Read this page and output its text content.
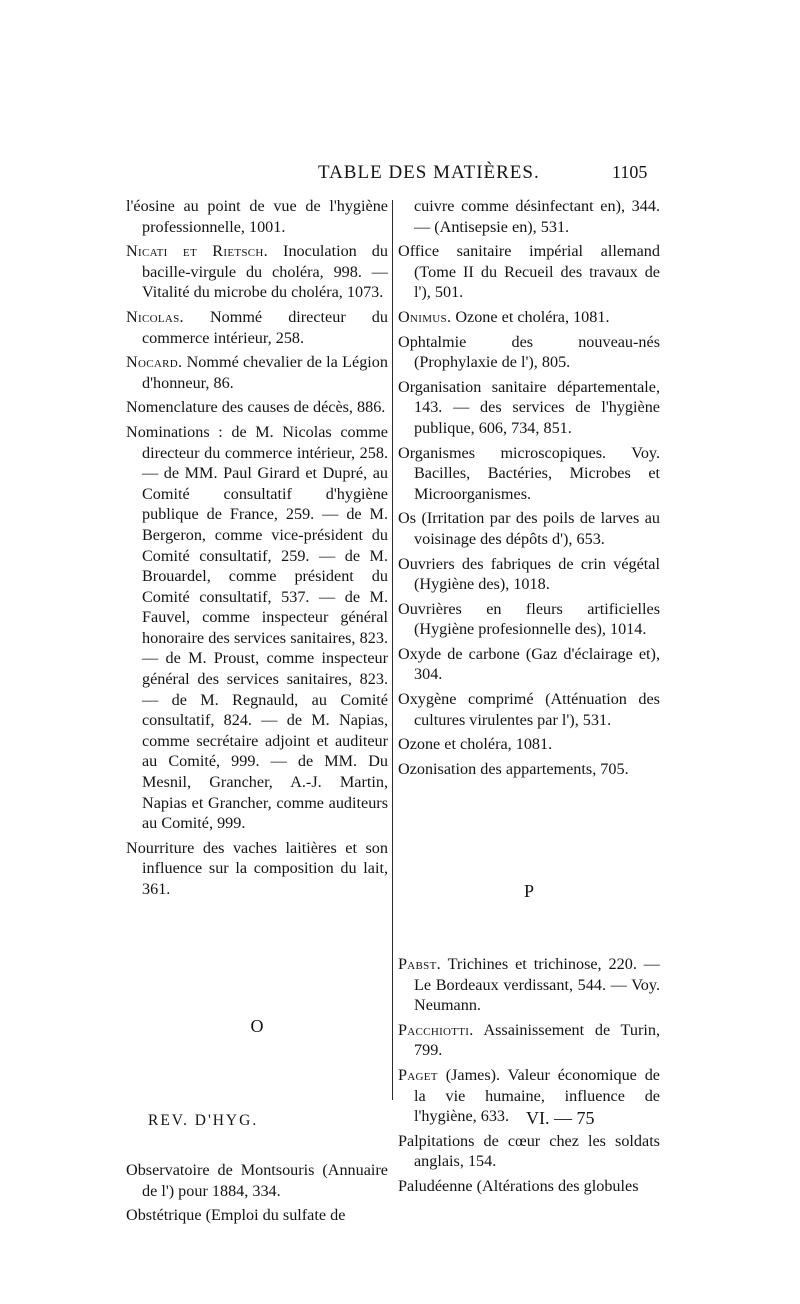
TABLE DES MATIÈRES.	1105

l'éosine au point de vue de l'hygiène professionnelle, 1001.

Nicati et Rietsch. Inoculation du bacille-virgule du choléra, 998. — Vitalité du microbe du choléra, 1073.

Nicolas. Nommé directeur du commerce intérieur, 258.

Nocard. Nommé chevalier de la Légion d'honneur, 86.

Nomenclature des causes de décès, 886.

Nominations : de M. Nicolas comme directeur du commerce intérieur, 258. — de MM. Paul Girard et Dupré, au Comité consultatif d'hygiène publique de France, 259. — de M. Bergeron, comme vice-président du Comité consultatif, 259. — de M. Brouardel, comme président du Comité consultatif, 537. — de M. Fauvel, comme inspecteur général honoraire des services sanitaires, 823. — de M. Proust, comme inspecteur général des services sanitaires, 823. — de M. Regnauld, au Comité consultatif, 824. — de M. Napias, comme secrétaire adjoint et auditeur au Comité, 999. — de MM. Du Mesnil, Grancher, A.-J. Martin, Napias et Grancher, comme auditeurs au Comité, 999.

Nourriture des vaches laitières et son influence sur la composition du lait, 361.

O

Observatoire de Montsouris (Annuaire de l') pour 1884, 334.

Obstétrique (Emploi du sulfate de

cuivre comme désinfectant en), 344. — (Antisepsie en), 531.

Office sanitaire impérial allemand (Tome II du Recueil des travaux de l'), 501.

Onimus. Ozone et choléra, 1081.

Ophtalmie des nouveau-nés (Prophylaxie de l'), 805.

Organisation sanitaire départementale, 143. — des services de l'hygiène publique, 606, 734, 851.

Organismes microscopiques. Voy. Bacilles, Bactéries, Microbes et Microorganismes.

Os (Irritation par des poils de larves au voisinage des dépôts d'), 653.

Ouvriers des fabriques de crin végétal (Hygiène des), 1018.

Ouvrières en fleurs artificielles (Hygiène profesionnelle des), 1014.

Oxyde de carbone (Gaz d'éclairage et), 304.

Oxygène comprimé (Atténuation des cultures virulentes par l'), 531.

Ozone et choléra, 1081.

Ozonisation des appartements, 705.

P

Pabst. Trichines et trichinose, 220. — Le Bordeaux verdissant, 544. — Voy. Neumann.

Pacchiotti. Assainissement de Turin, 799.

Paget (James). Valeur économique de la vie humaine, influence de l'hygiène, 633.

Palpitations de cœur chez les soldats anglais, 154.

Paludéenne (Altérations des globules

REV. D'HYG.	VI. — 75
